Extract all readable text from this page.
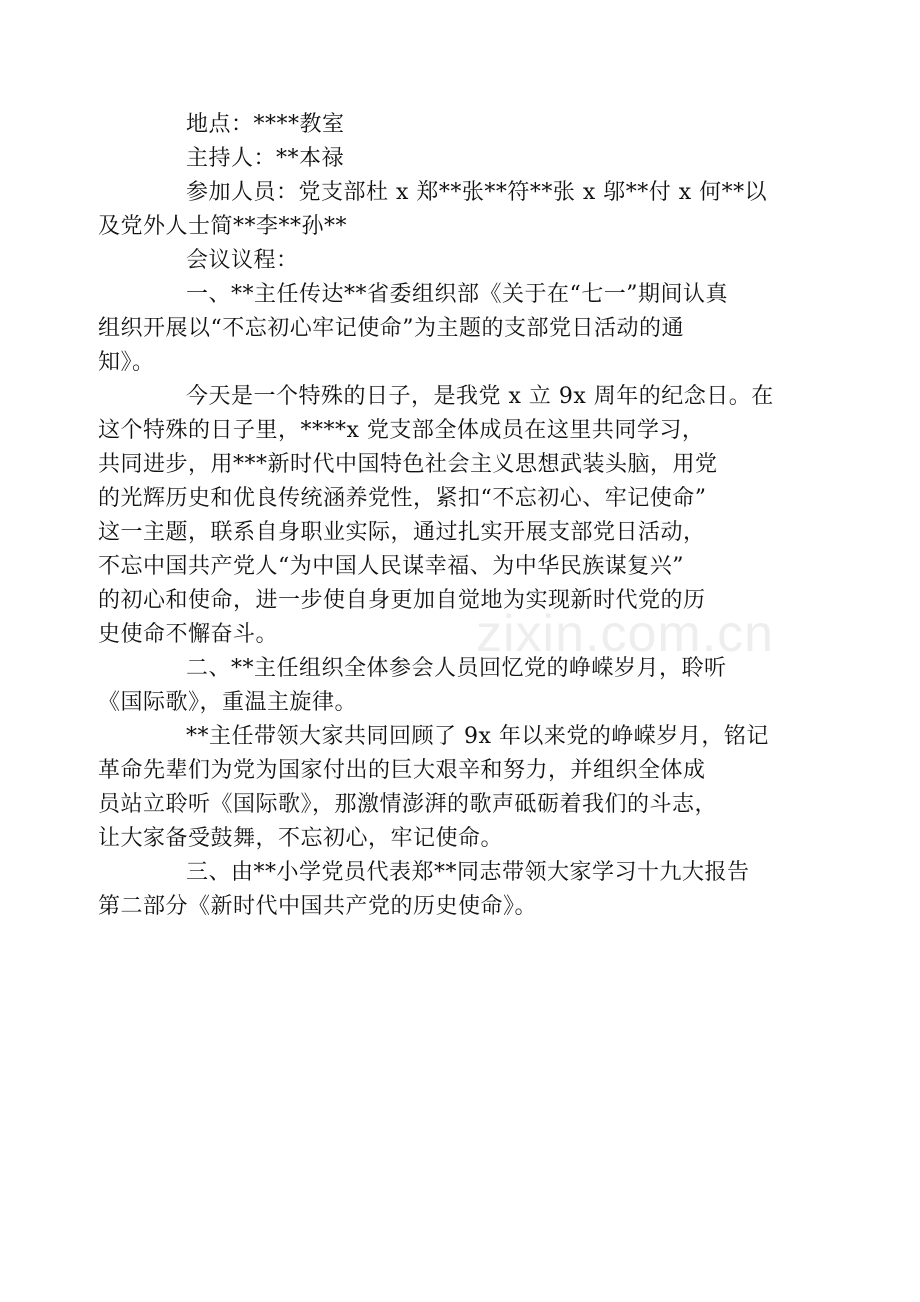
zixin.com.cn

地点：****教室

主持人：**本禄

参加人员：党支部杜 x 郑**张**符**张 x 邬**付 x 何**以
及党外人士简**李**孙**

会议议程：

一、**主任传达**省委组织部《关于在“七一”期间认真
组织开展以“不忘初心牢记使命”为主题的支部党日活动的通
知》。

今天是一个特殊的日子，是我党 x 立 9x 周年的纪念日。在
这个特殊的日子里，****x 党支部全体成员在这里共同学习，
共同进步，用***新时代中国特色社会主义思想武装头脑，用党
的光辉历史和优良传统涵养党性，紧扣“不忘初心、牢记使命”
这一主题，联系自身职业实际，通过扎实开展支部党日活动，
不忘中国共产党人“为中国人民谋幸福、为中华民族谋复兴”
的初心和使命，进一步使自身更加自觉地为实现新时代党的历
史使命不懈奋斗。

二、**主任组织全体参会人员回忆党的峥嵘岁月，聆听
《国际歌》，重温主旋律。

**主任带领大家共同回顾了 9x 年以来党的峥嵘岁月，铭记
革命先辈们为党为国家付出的巨大艰辛和努力，并组织全体成
员站立聆听《国际歌》，那激情澎湃的歌声砥砺着我们的斗志，
让大家备受鼓舞，不忘初心，牢记使命。

三、由**小学党员代表郑**同志带领大家学习十九大报告
第二部分《新时代中国共产党的历史使命》。
